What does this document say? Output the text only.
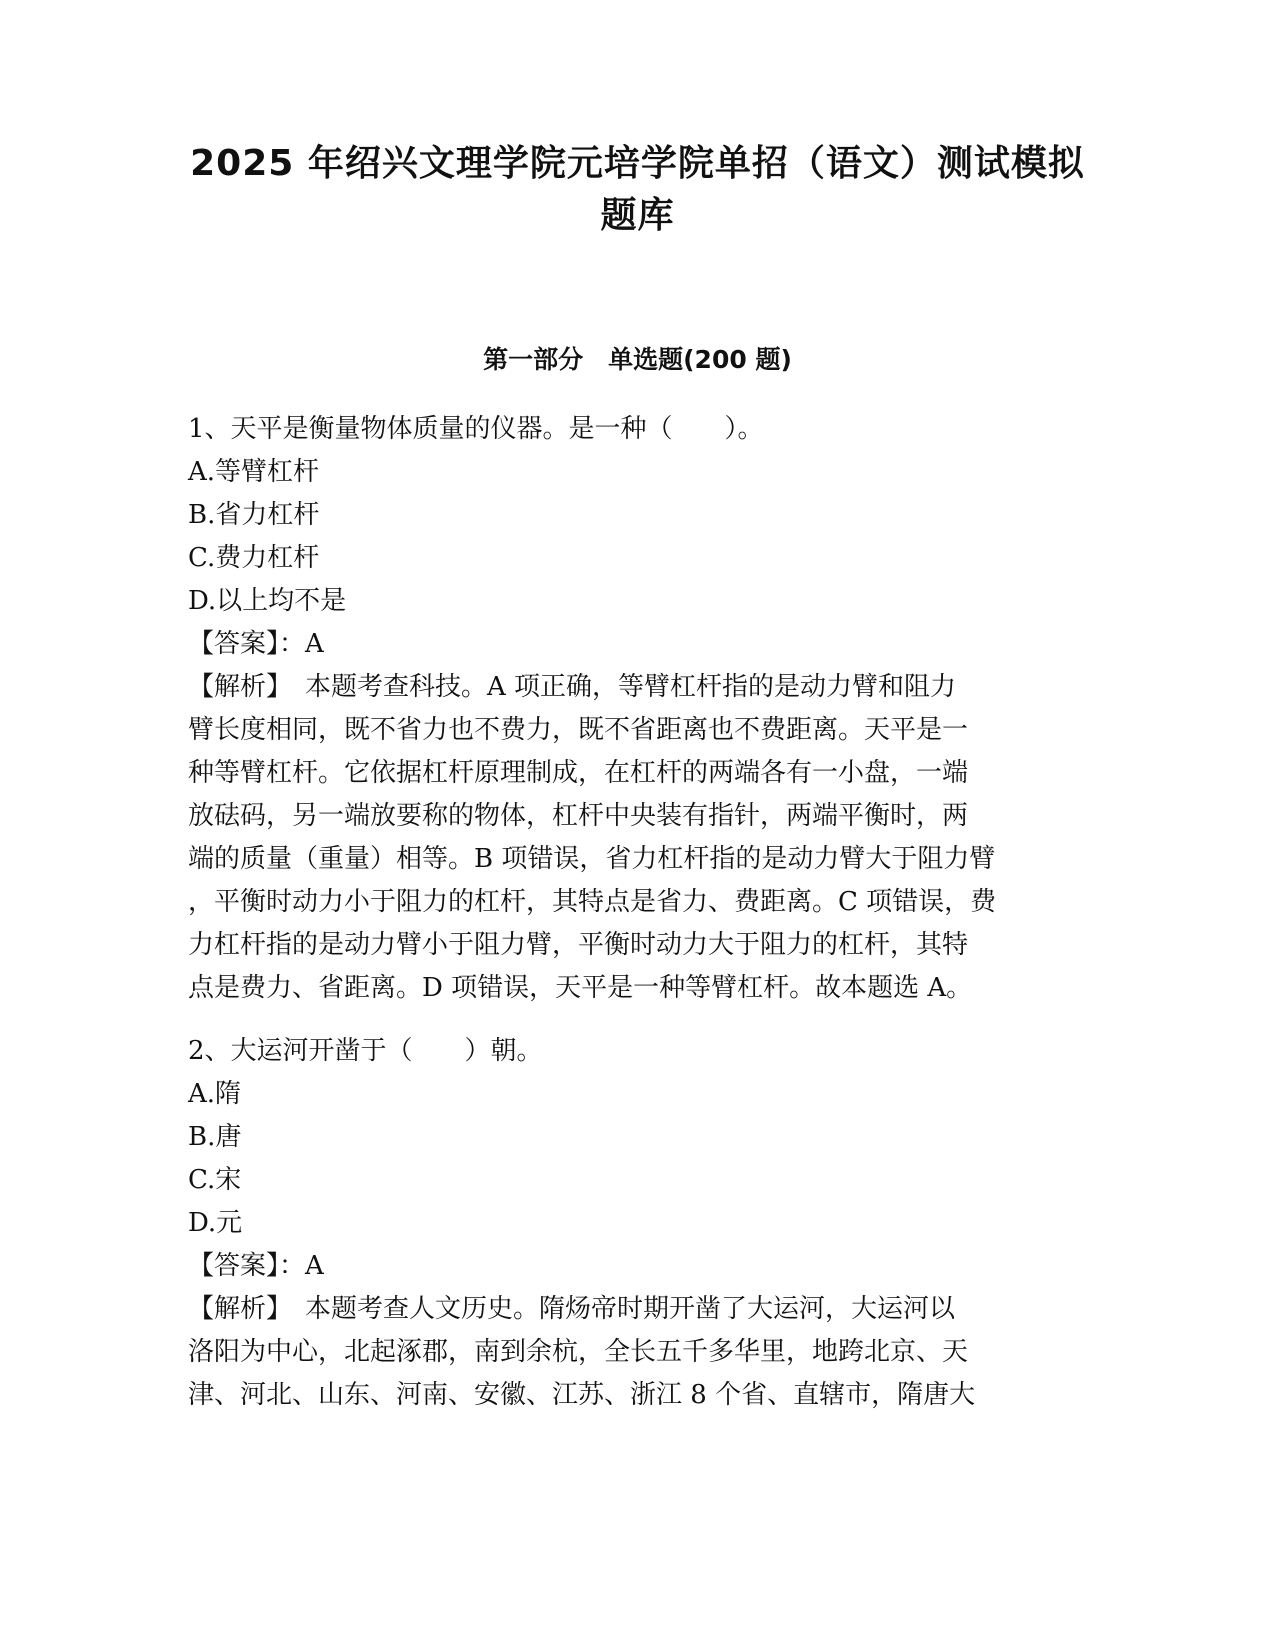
2025 年绍兴文理学院元培学院单招（语文）测试模拟
题库
第一部分　单选题(200 题)
1、天平是衡量物体质量的仪器。是一种（　　）。
A.等臂杠杆
B.省力杠杆
C.费力杠杆
D.以上均不是
【答案】：A
【解析】　本题考查科技。A 项正确，等臂杠杆指的是动力臂和阻力
臂长度相同，既不省力也不费力，既不省距离也不费距离。天平是一
种等臂杠杆。它依据杠杆原理制成，在杠杆的两端各有一小盘，一端
放砝码，另一端放要称的物体，杠杆中央装有指针，两端平衡时，两
端的质量（重量）相等。B 项错误，省力杠杆指的是动力臂大于阻力臂
，平衡时动力小于阻力的杠杆，其特点是省力、费距离。C 项错误，费
力杠杆指的是动力臂小于阻力臂，平衡时动力大于阻力的杠杆，其特
点是费力、省距离。D 项错误，天平是一种等臂杠杆。故本题选 A。
2、大运河开凿于（　　）朝。
A.隋
B.唐
C.宋
D.元
【答案】：A
【解析】　本题考查人文历史。隋炀帝时期开凿了大运河，大运河以
洛阳为中心，北起涿郡，南到余杭，全长五千多华里，地跨北京、天
津、河北、山东、河南、安徽、江苏、浙江 8 个省、直辖市，隋唐大
